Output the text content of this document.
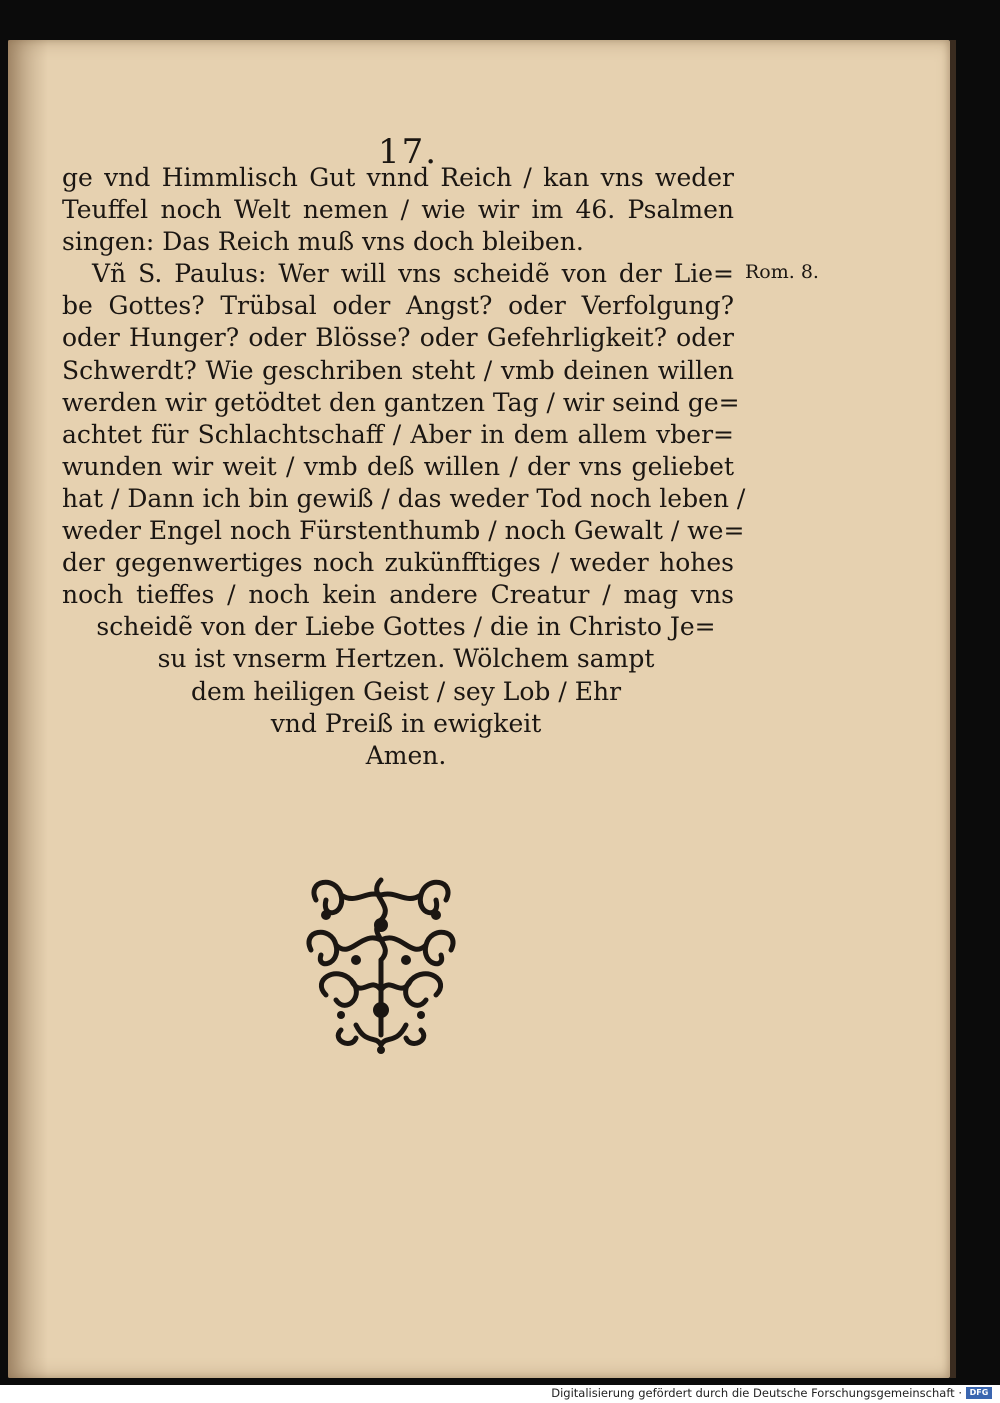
17.
ge vnd Himmlisch Gut vnnd Reich / kan vns weder
Teuffel noch Welt nemen / wie wir im 46. Psalmen
singen: Das Reich muß vns doch bleiben.
Vñ S. Paulus: Wer will vns scheidẽ von der Lie=
be Gottes? Trübsal oder Angst? oder Verfolgung?
oder Hunger? oder Blösse? oder Gefehrligkeit? oder
Schwerdt? Wie geschriben steht / vmb deinen willen
werden wir getödtet den gantzen Tag / wir seind ge=
achtet für Schlachtschaff / Aber in dem allem vber=
wunden wir weit / vmb deß willen / der vns geliebet
hat / Dann ich bin gewiß / das weder Tod noch leben /
weder Engel noch Fürstenthumb / noch Gewalt / we=
der gegenwertiges noch zukünfftiges / weder hohes
noch tieffes / noch kein andere Creatur / mag vns
scheidẽ von der Liebe Gottes / die in Christo Je=
su ist vnserm Hertzen. Wölchem sampt
dem heiligen Geist / sey Lob / Ehr
vnd Preiß in ewigkeit
Amen.
Rom. 8.
Digitalisierung gefördert durch die Deutsche Forschungsgemeinschaft · DFG
